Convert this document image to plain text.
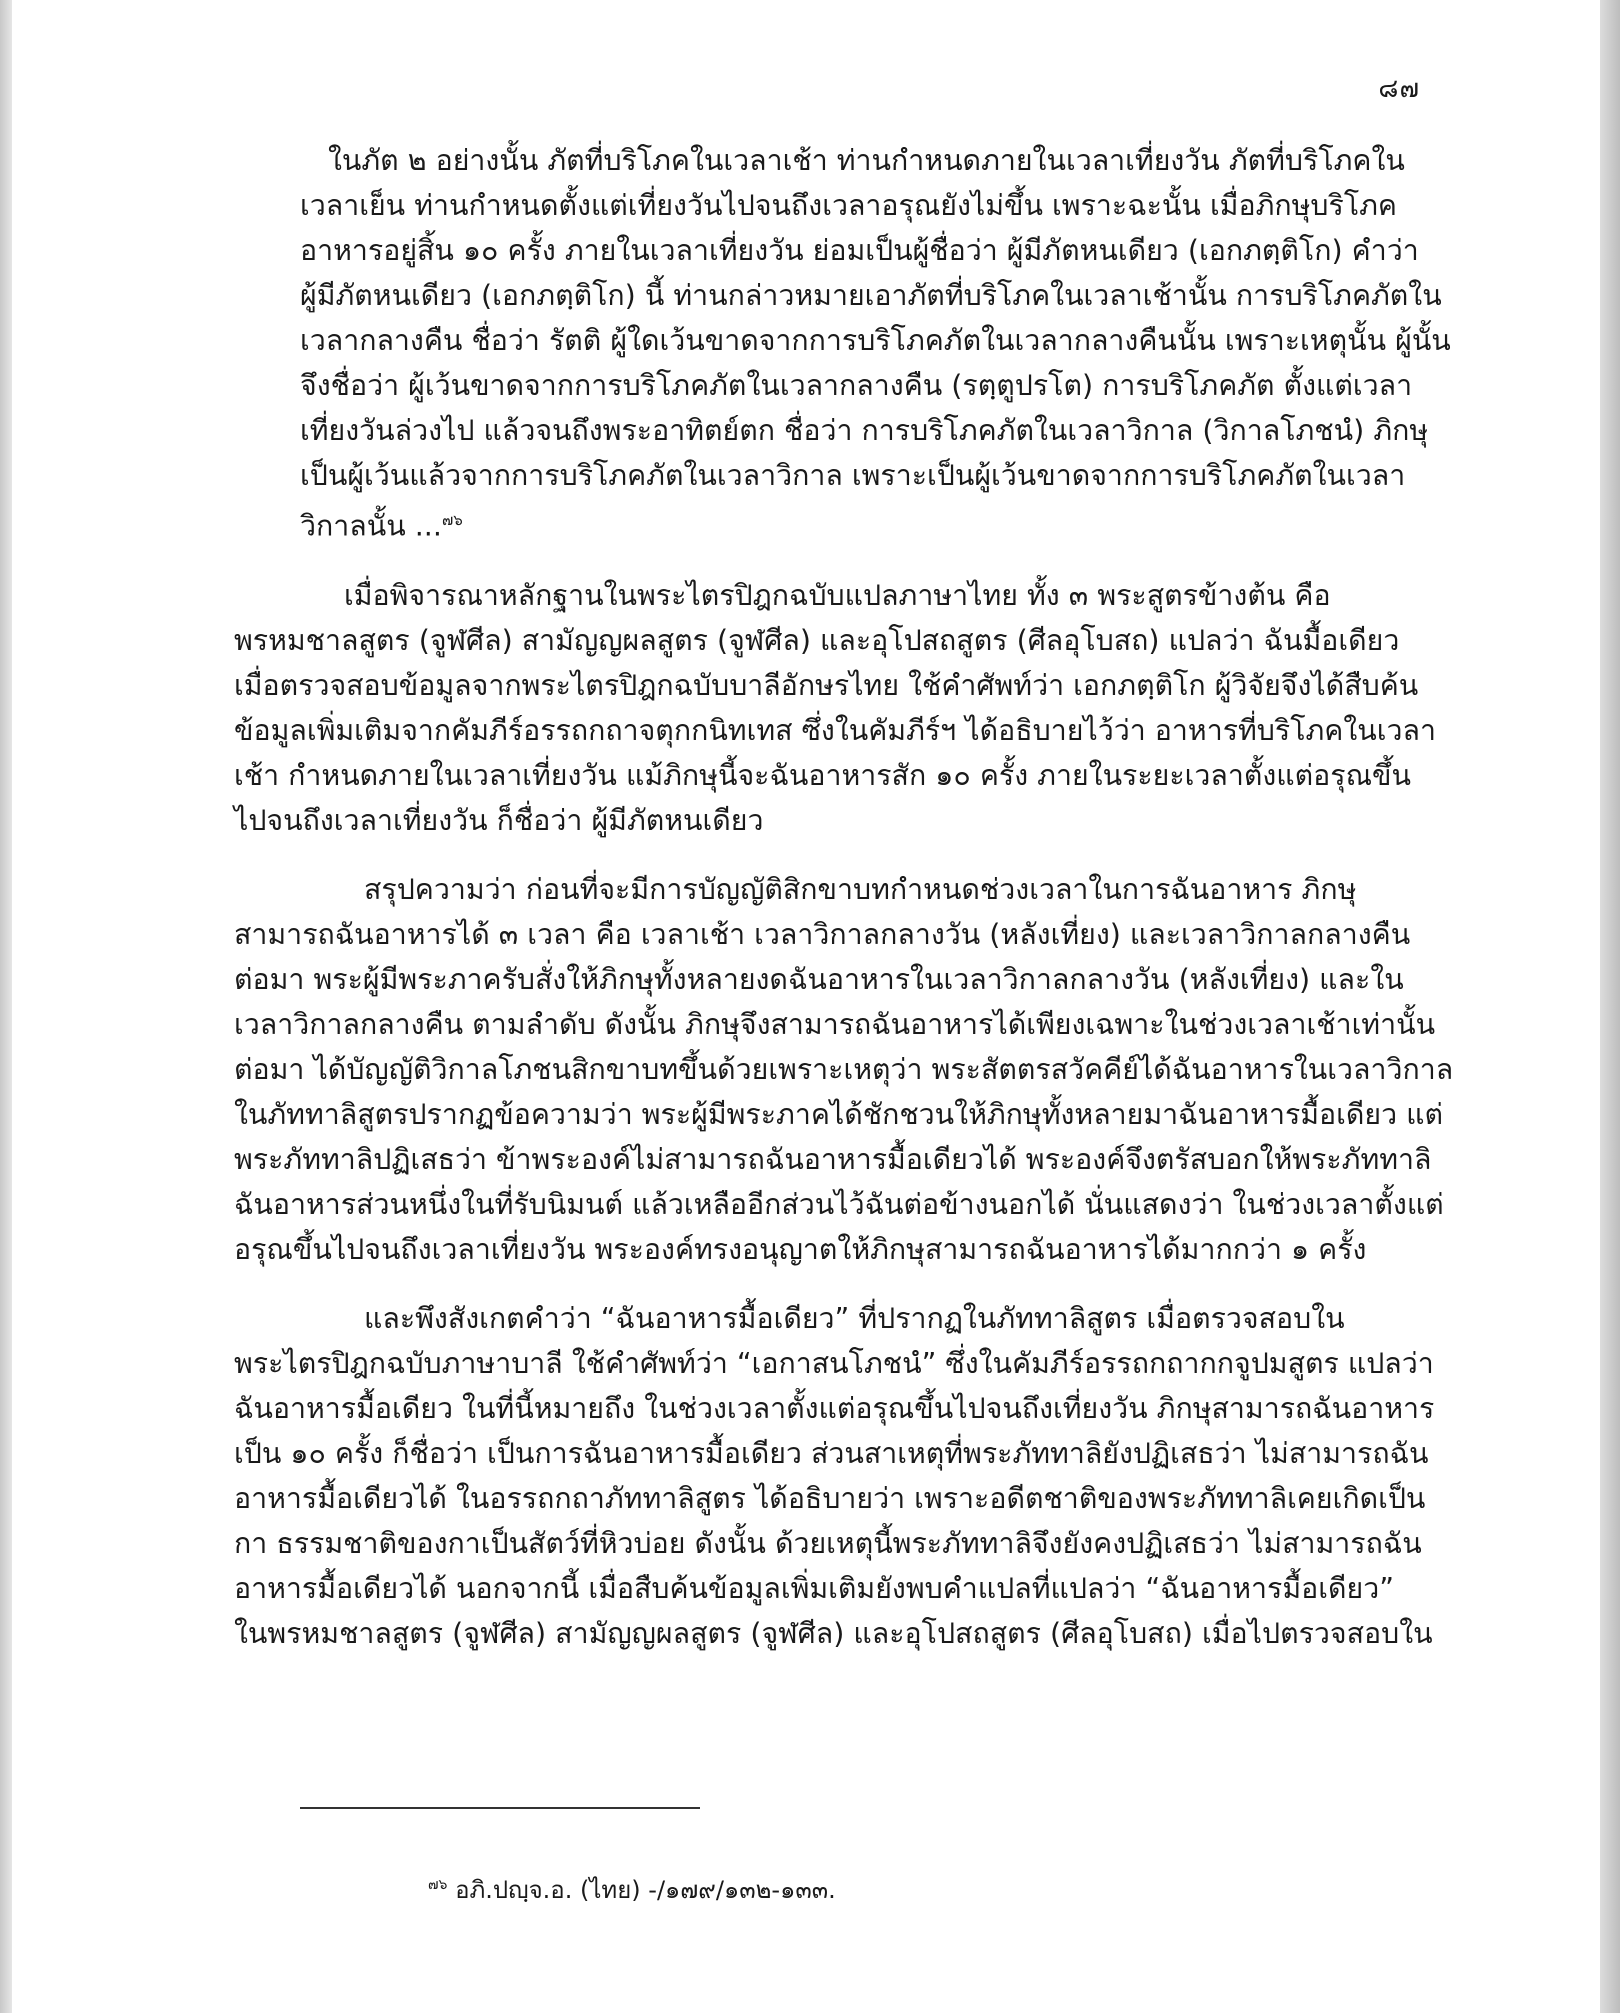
๘๗
ในภัต ๒ อย่างนั้น ภัตที่บริโภคในเวลาเช้า ท่านกำหนดภายในเวลาเที่ยงวัน ภัตที่บริโภคใน
เวลาเย็น ท่านกำหนดตั้งแต่เที่ยงวันไปจนถึงเวลาอรุณยังไม่ขึ้น เพราะฉะนั้น เมื่อภิกษุบริโภค
อาหารอยู่สิ้น ๑๐ ครั้ง ภายในเวลาเที่ยงวัน ย่อมเป็นผู้ชื่อว่า ผู้มีภัตหนเดียว (เอกภตฺติโก) คำว่า
ผู้มีภัตหนเดียว (เอกภตฺติโก) นี้ ท่านกล่าวหมายเอาภัตที่บริโภคในเวลาเช้านั้น การบริโภคภัตใน
เวลากลางคืน ชื่อว่า รัตติ ผู้ใดเว้นขาดจากการบริโภคภัตในเวลากลางคืนนั้น เพราะเหตุนั้น ผู้นั้น
จึงชื่อว่า ผู้เว้นขาดจากการบริโภคภัตในเวลากลางคืน (รตฺตูปรโต) การบริโภคภัต ตั้งแต่เวลา
เที่ยงวันล่วงไป แล้วจนถึงพระอาทิตย์ตก ชื่อว่า การบริโภคภัตในเวลาวิกาล (วิกาลโภชนํ) ภิกษุ
เป็นผู้เว้นแล้วจากการบริโภคภัตในเวลาวิกาล เพราะเป็นผู้เว้นขาดจากการบริโภคภัตในเวลา
วิกาลนั้น ...$^{๗๖}$
เมื่อพิจารณาหลักฐานในพระไตรปิฎกฉบับแปลภาษาไทย ทั้ง ๓ พระสูตรข้างต้น คือ
พรหมชาลสูตร (จูฬศีล) สามัญญผลสูตร (จูฬศีล) และอุโปสถสูตร (ศีลอุโบสถ) แปลว่า ฉันมื้อเดียว
เมื่อตรวจสอบข้อมูลจากพระไตรปิฎกฉบับบาลีอักษรไทย ใช้คำศัพท์ว่า เอกภตฺติโก ผู้วิจัยจึงได้สืบค้น
ข้อมูลเพิ่มเติมจากคัมภีร์อรรถกถาจตุกกนิทเทส ซึ่งในคัมภีร์ฯ ได้อธิบายไว้ว่า อาหารที่บริโภคในเวลา
เช้า กำหนดภายในเวลาเที่ยงวัน แม้ภิกษุนี้จะฉันอาหารสัก ๑๐ ครั้ง ภายในระยะเวลาตั้งแต่อรุณขึ้น
ไปจนถึงเวลาเที่ยงวัน ก็ชื่อว่า ผู้มีภัตหนเดียว
สรุปความว่า ก่อนที่จะมีการบัญญัติสิกขาบทกำหนดช่วงเวลาในการฉันอาหาร ภิกษุ
สามารถฉันอาหารได้ ๓ เวลา คือ เวลาเช้า เวลาวิกาลกลางวัน (หลังเที่ยง) และเวลาวิกาลกลางคืน
ต่อมา พระผู้มีพระภาครับสั่งให้ภิกษุทั้งหลายงดฉันอาหารในเวลาวิกาลกลางวัน (หลังเที่ยง) และใน
เวลาวิกาลกลางคืน ตามลำดับ ดังนั้น ภิกษุจึงสามารถฉันอาหารได้เพียงเฉพาะในช่วงเวลาเช้าเท่านั้น
ต่อมา ได้บัญญัติวิกาลโภชนสิกขาบทขึ้นด้วยเพราะเหตุว่า พระสัตตรสวัคคีย์ได้ฉันอาหารในเวลาวิกาล
ในภัททาลิสูตรปรากฏข้อความว่า พระผู้มีพระภาคได้ชักชวนให้ภิกษุทั้งหลายมาฉันอาหารมื้อเดียว แต่
พระภัททาลิปฏิเสธว่า ข้าพระองค์ไม่สามารถฉันอาหารมื้อเดียวได้ พระองค์จึงตรัสบอกให้พระภัททาลิ
ฉันอาหารส่วนหนึ่งในที่รับนิมนต์ แล้วเหลืออีกส่วนไว้ฉันต่อข้างนอกได้ นั่นแสดงว่า ในช่วงเวลาตั้งแต่
อรุณขึ้นไปจนถึงเวลาเที่ยงวัน พระองค์ทรงอนุญาตให้ภิกษุสามารถฉันอาหารได้มากกว่า ๑ ครั้ง
และพึงสังเกตคำว่า “ฉันอาหารมื้อเดียว” ที่ปรากฏในภัททาลิสูตร เมื่อตรวจสอบใน
พระไตรปิฎกฉบับภาษาบาลี ใช้คำศัพท์ว่า “เอกาสนโภชนํ” ซึ่งในคัมภีร์อรรถกถากกจูปมสูตร แปลว่า
ฉันอาหารมื้อเดียว ในที่นี้หมายถึง ในช่วงเวลาตั้งแต่อรุณขึ้นไปจนถึงเที่ยงวัน ภิกษุสามารถฉันอาหาร
เป็น ๑๐ ครั้ง ก็ชื่อว่า เป็นการฉันอาหารมื้อเดียว ส่วนสาเหตุที่พระภัททาลิยังปฏิเสธว่า ไม่สามารถฉัน
อาหารมื้อเดียวได้ ในอรรถกถาภัททาลิสูตร ได้อธิบายว่า เพราะอดีตชาติของพระภัททาลิเคยเกิดเป็น
กา ธรรมชาติของกาเป็นสัตว์ที่หิวบ่อย ดังนั้น ด้วยเหตุนี้พระภัททาลิจึงยังคงปฏิเสธว่า ไม่สามารถฉัน
อาหารมื้อเดียวได้ นอกจากนี้ เมื่อสืบค้นข้อมูลเพิ่มเติมยังพบคำแปลที่แปลว่า “ฉันอาหารมื้อเดียว”
ในพรหมชาลสูตร (จูฬศีล) สามัญญผลสูตร (จูฬศีล) และอุโปสถสูตร (ศีลอุโบสถ) เมื่อไปตรวจสอบใน
$^{๗๖}$ อภิ.ปญฺจ.อ. (ไทย) -/๑๗๙/๑๓๒-๑๓๓.
